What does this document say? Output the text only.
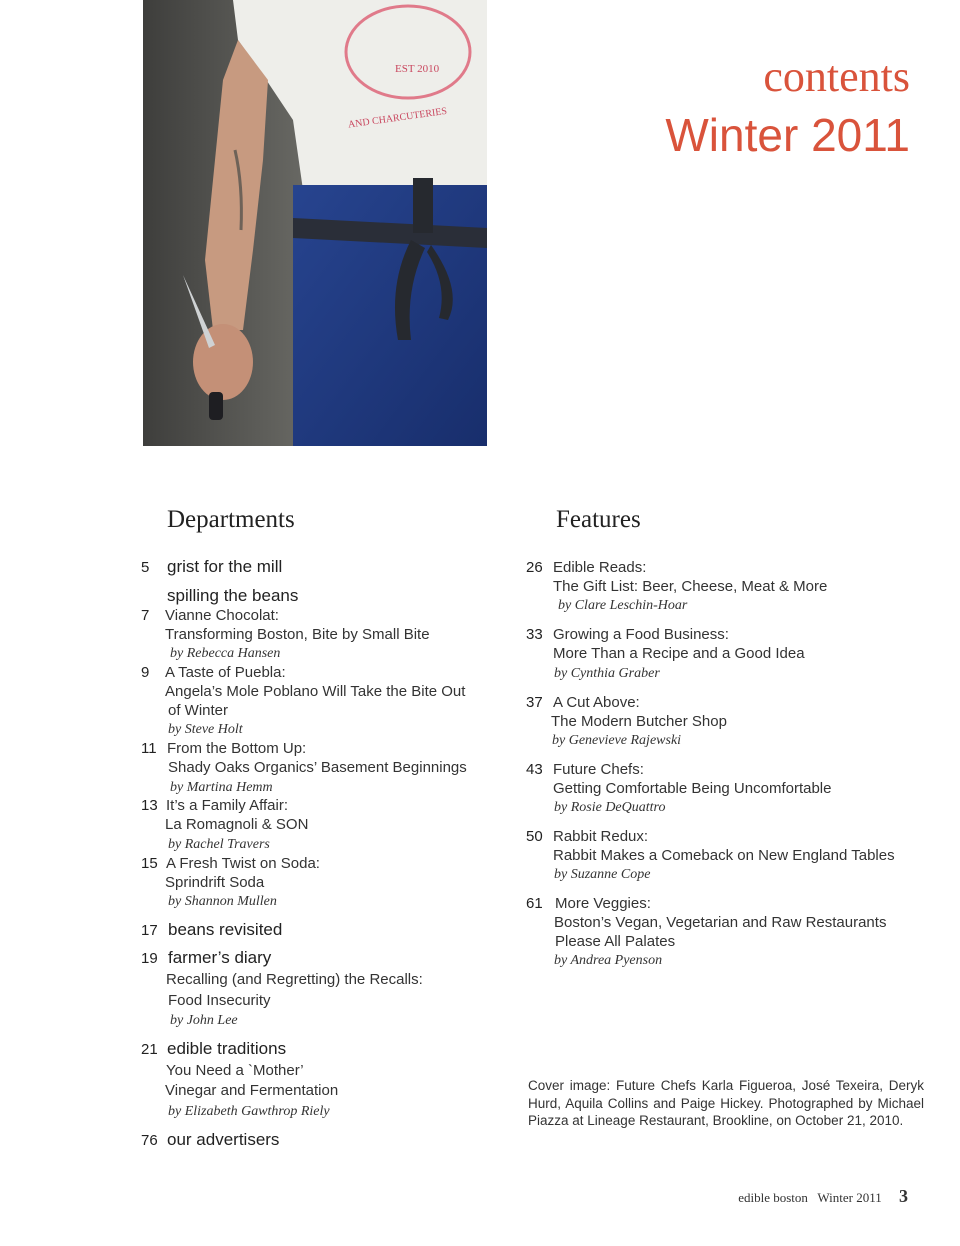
EST 2010
AND CHARCUTERIES
contents
Winter 2011
Departments	Features
5 grist for the mill
spilling the beans
7 Vianne Chocolat:
Transforming Boston, Bite by Small Bite
by Rebecca Hansen
9 A Taste of Puebla:
Angela’s Mole Poblano Will Take the Bite Out
of Winter
by Steve Holt
11 From the Bottom Up:
Shady Oaks Organics’ Basement Beginnings
by Martina Hemm
13 It’s a Family Affair:
La Romagnoli & SON
by Rachel Travers
15 A Fresh Twist on Soda:
Sprindrift Soda
by Shannon Mullen
17 beans revisited
19 farmer’s diary
Recalling (and Regretting) the Recalls:
Food Insecurity
by John Lee
21 edible traditions
You Need a `Mother’
Vinegar and Fermentation
by Elizabeth Gawthrop Riely
76 our advertisers
26 Edible Reads:
The Gift List: Beer, Cheese, Meat & More
by Clare Leschin-Hoar
33 Growing a Food Business:
More Than a Recipe and a Good Idea
by Cynthia Graber
37 A Cut Above:
The Modern Butcher Shop
by Genevieve Rajewski
43 Future Chefs:
Getting Comfortable Being Uncomfortable
by Rosie DeQuattro
50 Rabbit Redux:
Rabbit Makes a Comeback on New England Tables
by Suzanne Cope
61 More Veggies:
Boston’s Vegan, Vegetarian and Raw Restaurants
Please All Palates
by Andrea Pyenson
Cover image: Future Chefs Karla Figueroa, José Texeira, Deryk Hurd, Aquila Collins and Paige Hickey. Photographed by Michael Piazza at Lineage Restaurant, Brookline, on October 21, 2010.
edible boston Winter 2011 3
